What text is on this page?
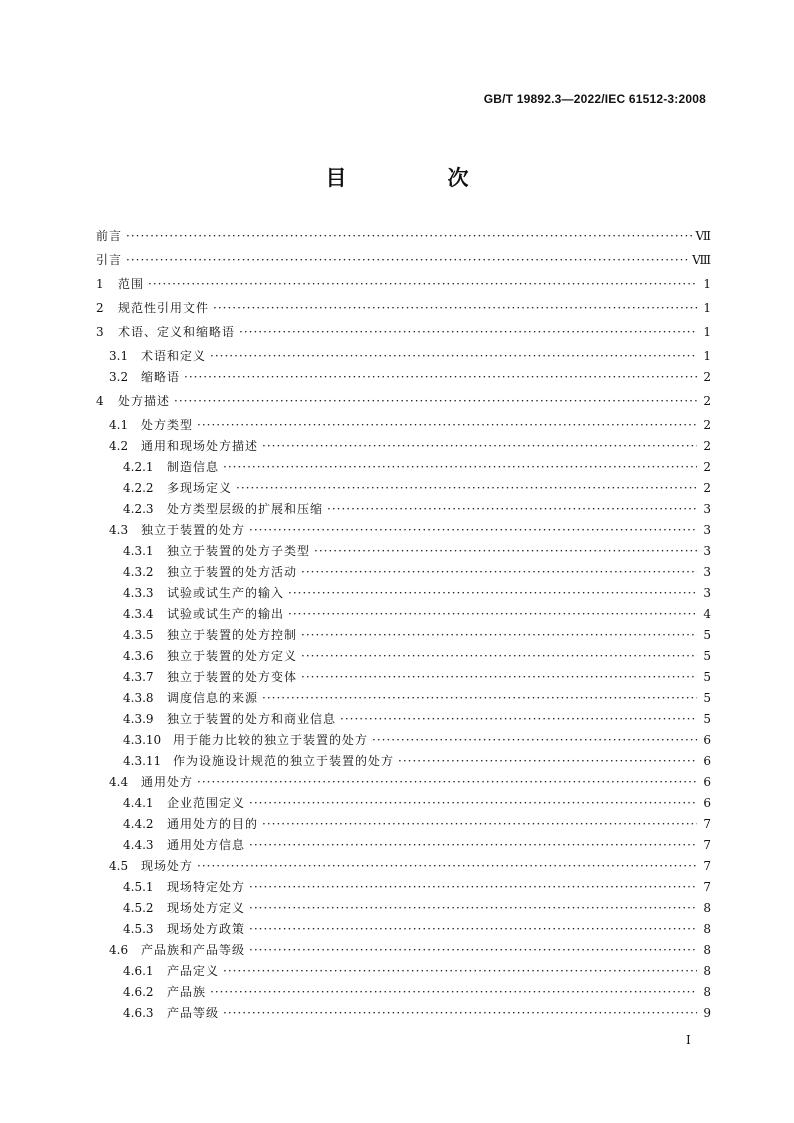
GB/T 19892.3—2022/IEC 61512-3:2008
目　次
前言 ·····	Ⅶ
引言 ·····	Ⅷ
1	范围 ·····	1
2	规范性引用文件 ·····	1
3	术语、定义和缩略语 ·····	1
3.1	术语和定义 ·····	1
3.2	缩略语 ·····	2
4	处方描述 ·····	2
4.1	处方类型 ·····	2
4.2	通用和现场处方描述 ·····	2
4.2.1	制造信息 ·····	2
4.2.2	多现场定义 ·····	2
4.2.3	处方类型层级的扩展和压缩 ·····	3
4.3	独立于装置的处方 ·····	3
4.3.1	独立于装置的处方子类型 ·····	3
4.3.2	独立于装置的处方活动 ·····	3
4.3.3	试验或试生产的输入 ·····	3
4.3.4	试验或试生产的输出 ·····	4
4.3.5	独立于装置的处方控制 ·····	5
4.3.6	独立于装置的处方定义 ·····	5
4.3.7	独立于装置的处方变体 ·····	5
4.3.8	调度信息的来源 ·····	5
4.3.9	独立于装置的处方和商业信息 ·····	5
4.3.10 用于能力比较的独立于装置的处方 ·····	6
4.3.11 作为设施设计规范的独立于装置的处方 ·····	6
4.4	通用处方 ·····	6
4.4.1	企业范围定义 ·····	6
4.4.2	通用处方的目的 ·····	7
4.4.3	通用处方信息 ·····	7
4.5	现场处方 ·····	7
4.5.1	现场特定处方 ·····	7
4.5.2	现场处方定义 ·····	8
4.5.3	现场处方政策 ·····	8
4.6	产品族和产品等级 ·····	8
4.6.1	产品定义 ·····	8
4.6.2	产品族 ·····	8
4.6.3	产品等级 ·····	9
Ⅰ
